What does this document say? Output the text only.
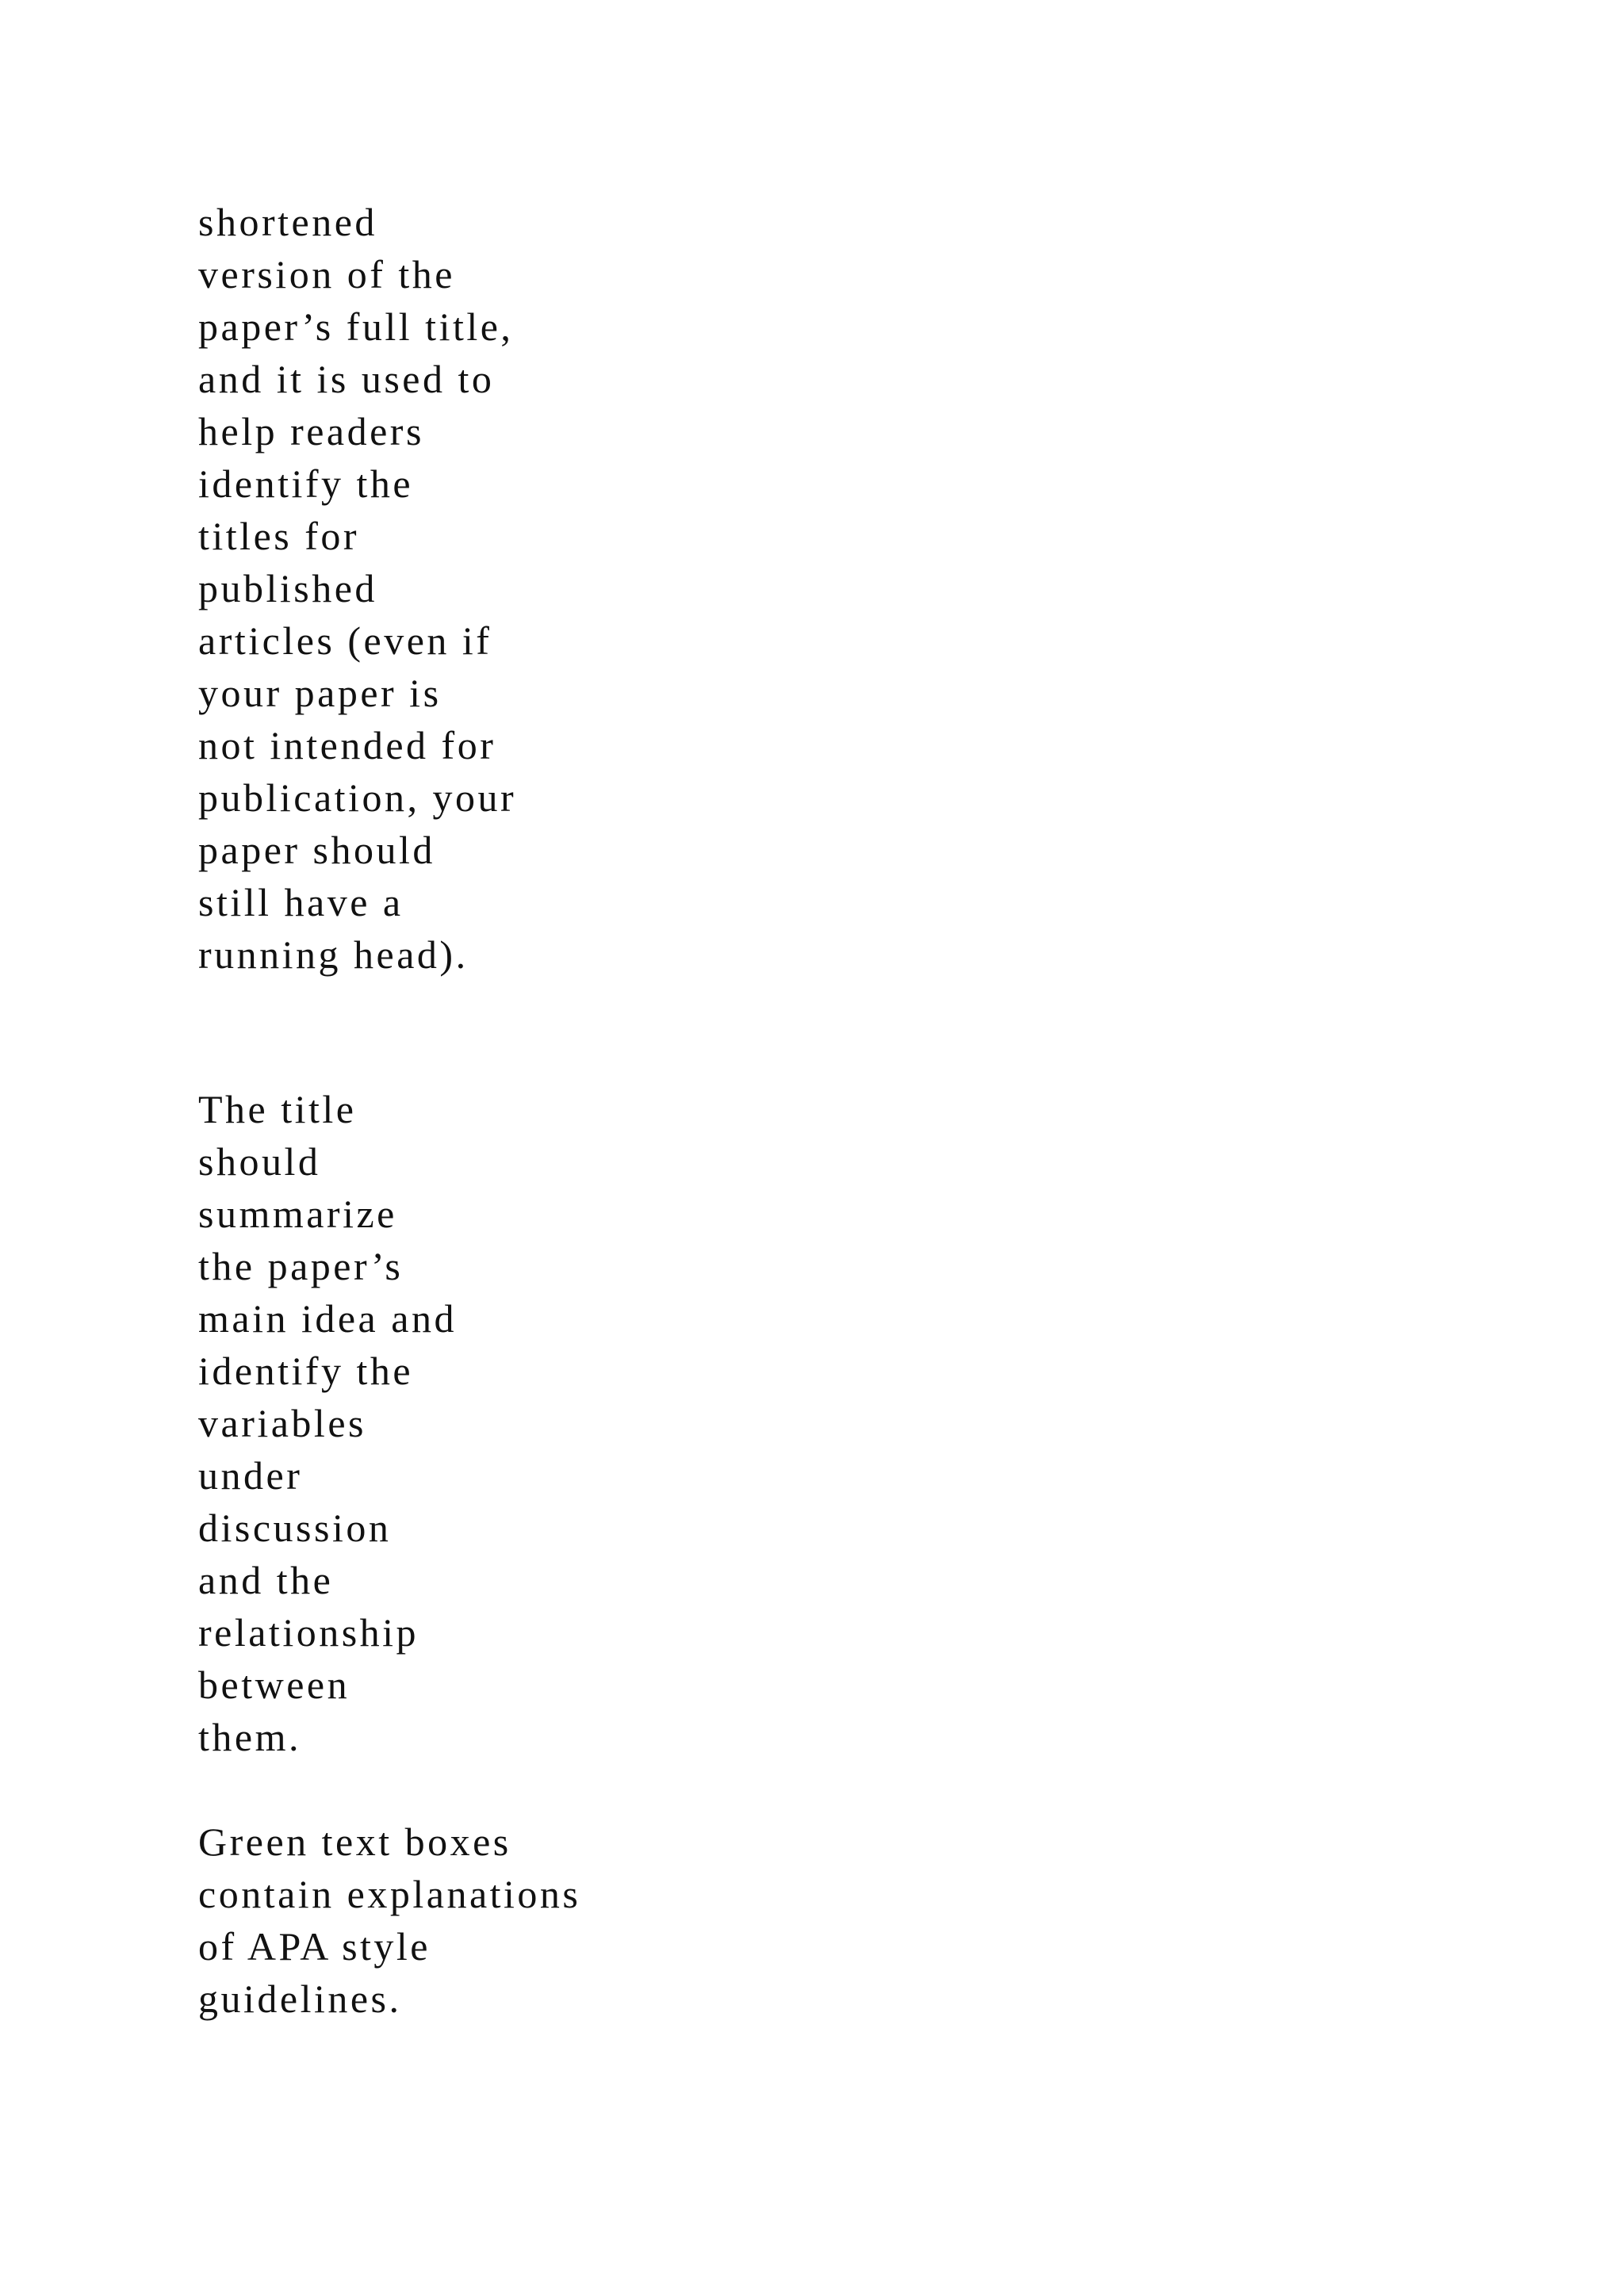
shortened
version of the
paper’s full title,
and it is used to
help readers
identify the
titles for
published
articles (even if
your paper is
not intended for
publication, your
paper should
still have a
running head).

The title
should
summarize
the paper’s
main idea and
identify the
variables
under
discussion
and the
relationship
between
them.

Green text boxes
contain explanations
of APA style
guidelines.
